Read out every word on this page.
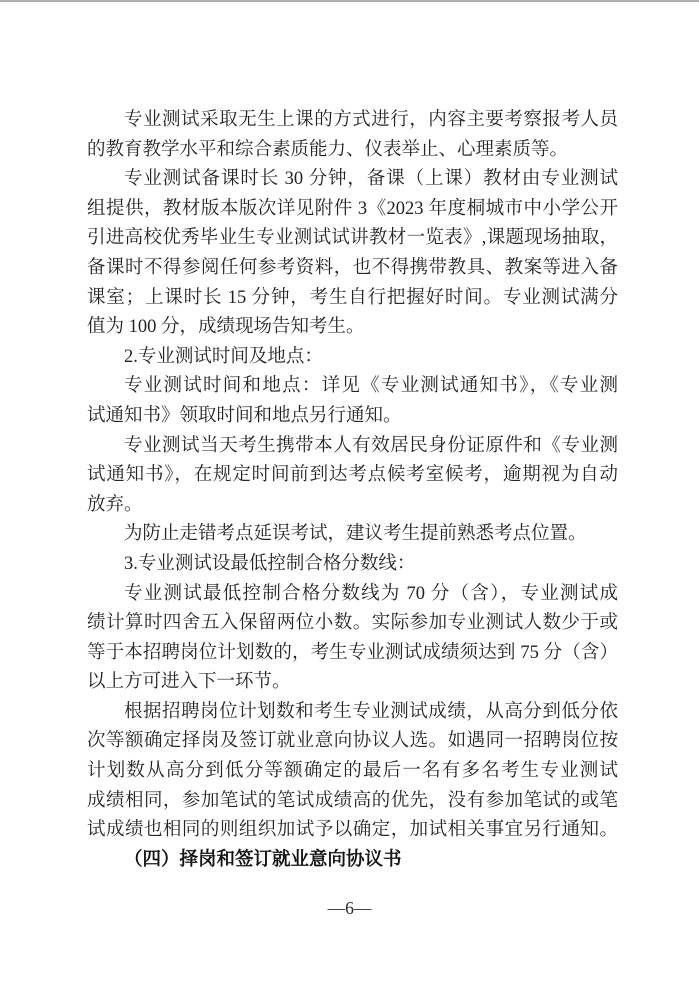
专业测试采取无生上课的方式进行，内容主要考察报考人员
的教育教学水平和综合素质能力、仪表举止、心理素质等。
专业测试备课时长 30 分钟，备课（上课）教材由专业测试
组提供，教材版本版次详见附件 3《2023 年度桐城市中小学公开
引进高校优秀毕业生专业测试试讲教材一览表》,课题现场抽取，
备课时不得参阅任何参考资料，也不得携带教具、教案等进入备
课室；上课时长 15 分钟，考生自行把握好时间。专业测试满分
值为 100 分，成绩现场告知考生。
2.专业测试时间及地点：
专业测试时间和地点：详见《专业测试通知书》，《专业测
试通知书》领取时间和地点另行通知。
专业测试当天考生携带本人有效居民身份证原件和《专业测
试通知书》，在规定时间前到达考点候考室候考，逾期视为自动
放弃。
为防止走错考点延误考试，建议考生提前熟悉考点位置。
3.专业测试设最低控制合格分数线：
专业测试最低控制合格分数线为 70 分（含），专业测试成
绩计算时四舍五入保留两位小数。实际参加专业测试人数少于或
等于本招聘岗位计划数的，考生专业测试成绩须达到 75 分（含）
以上方可进入下一环节。
根据招聘岗位计划数和考生专业测试成绩，从高分到低分依
次等额确定择岗及签订就业意向协议人选。如遇同一招聘岗位按
计划数从高分到低分等额确定的最后一名有多名考生专业测试
成绩相同，参加笔试的笔试成绩高的优先，没有参加笔试的或笔
试成绩也相同的则组织加试予以确定，加试相关事宜另行通知。
（四）择岗和签订就业意向协议书
—6—
